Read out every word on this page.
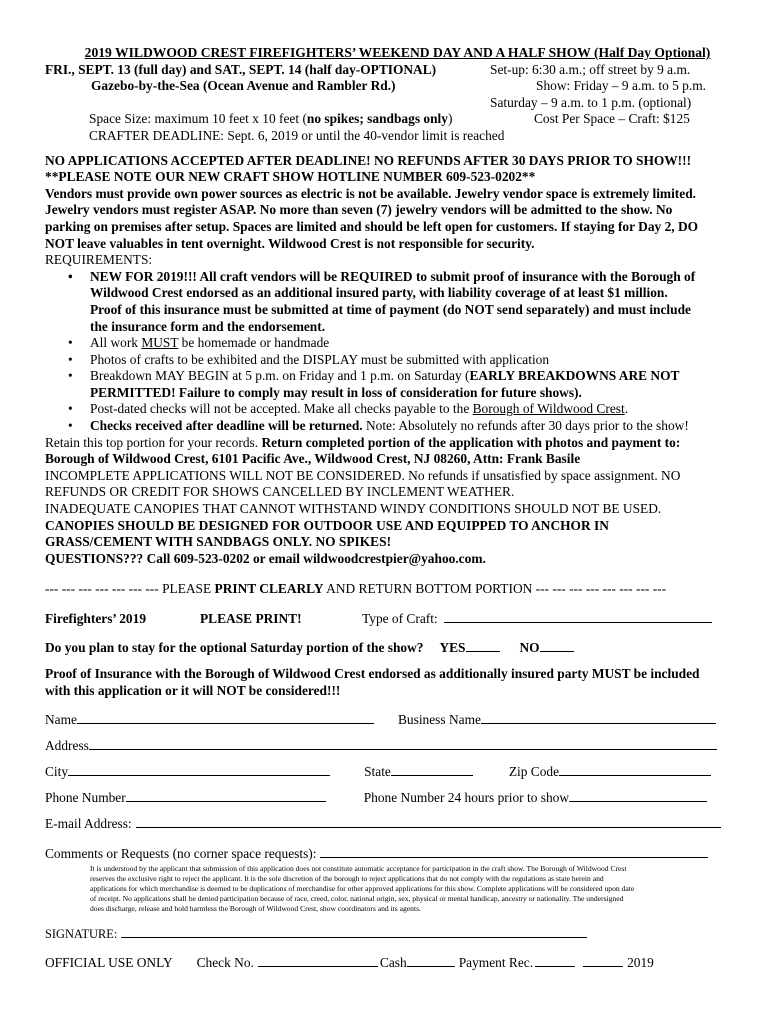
2019 WILDWOOD CREST FIREFIGHTERS’ WEEKEND DAY AND A HALF SHOW (Half Day Optional)
FRI., SEPT. 13 (full day) and SAT., SEPT. 14 (half day-OPTIONAL)	Set-up: 6:30 a.m.; off street by 9 a.m.
Gazebo-by-the-Sea (Ocean Avenue and Rambler Rd.)	Show: Friday – 9 a.m. to 5 p.m.
Saturday – 9 a.m. to 1 p.m. (optional)
Space Size: maximum 10 feet x 10 feet (no spikes; sandbags only)	Cost Per Space – Craft: $125
CRAFTER DEADLINE: Sept. 6, 2019 or until the 40-vendor limit is reached
NO APPLICATIONS ACCEPTED AFTER DEADLINE! NO REFUNDS AFTER 30 DAYS PRIOR TO SHOW!!!
**PLEASE NOTE OUR NEW CRAFT SHOW HOTLINE NUMBER 609-523-0202**
Vendors must provide own power sources as electric is not be available. Jewelry vendor space is extremely limited.
Jewelry vendors must register ASAP. No more than seven (7) jewelry vendors will be admitted to the show. No
parking on premises after setup. Spaces are limited and should be left open for customers. If staying for Day 2, DO
NOT leave valuables in tent overnight. Wildwood Crest is not responsible for security.
REQUIREMENTS:
• NEW FOR 2019!!! All craft vendors will be REQUIRED to submit proof of insurance with the Borough of
Wildwood Crest endorsed as an additional insured party, with liability coverage of at least $1 million.
Proof of this insurance must be submitted at time of payment (do NOT send separately) and must include
the insurance form and the endorsement.
• All work MUST be homemade or handmade
• Photos of crafts to be exhibited and the DISPLAY must be submitted with application
• Breakdown MAY BEGIN at 5 p.m. on Friday and 1 p.m. on Saturday (EARLY BREAKDOWNS ARE NOT
PERMITTED! Failure to comply may result in loss of consideration for future shows).
• Post-dated checks will not be accepted. Make all checks payable to the Borough of Wildwood Crest.
• Checks received after deadline will be returned. Note: Absolutely no refunds after 30 days prior to the show!
Retain this top portion for your records. Return completed portion of the application with photos and payment to:
Borough of Wildwood Crest, 6101 Pacific Ave., Wildwood Crest, NJ 08260, Attn: Frank Basile
INCOMPLETE APPLICATIONS WILL NOT BE CONSIDERED. No refunds if unsatisfied by space assignment. NO
REFUNDS OR CREDIT FOR SHOWS CANCELLED BY INCLEMENT WEATHER.
INADEQUATE CANOPIES THAT CANNOT WITHSTAND WINDY CONDITIONS SHOULD NOT BE USED.
CANOPIES SHOULD BE DESIGNED FOR OUTDOOR USE AND EQUIPPED TO ANCHOR IN
GRASS/CEMENT WITH SANDBAGS ONLY. NO SPIKES!
QUESTIONS??? Call 609-523-0202 or email wildwoodcrestpier@yahoo.com.
--- --- --- --- --- --- --- PLEASE PRINT CLEARLY AND RETURN BOTTOM PORTION --- --- --- --- --- --- --- ---
Firefighters’ 2019	PLEASE PRINT!	Type of Craft:
Do you plan to stay for the optional Saturday portion of the show? YES	NO
Proof of Insurance with the Borough of Wildwood Crest endorsed as additionally insured party MUST be included
with this application or it will NOT be considered!!!
Name	Business Name
Address
City	State	Zip Code
Phone Number	Phone Number 24 hours prior to show
E-mail Address:
Comments or Requests (no corner space requests):
It is understood by the applicant that submission of this application does not constitute automatic acceptance for participation in the craft show. The Borough of Wildwood Crest
reserves the exclusive right to reject the applicant. It is the sole discretion of the borough to reject applications that do not comply with the regulations as state herein and
applications for which merchandise is deemed to be duplications of merchandise for other approved applications for this show. Complete applications will be considered upon date
of receipt. No applications shall be denied participation because of race, creed, color, national origin, sex, physical or mental handicap, ancestry or nationality. The undersigned
does discharge, release and hold harmless the Borough of Wildwood Crest, show coordinators and its agents.
SIGNATURE:
OFFICIAL USE ONLY Check No.	Cash	Payment Rec.	2019
